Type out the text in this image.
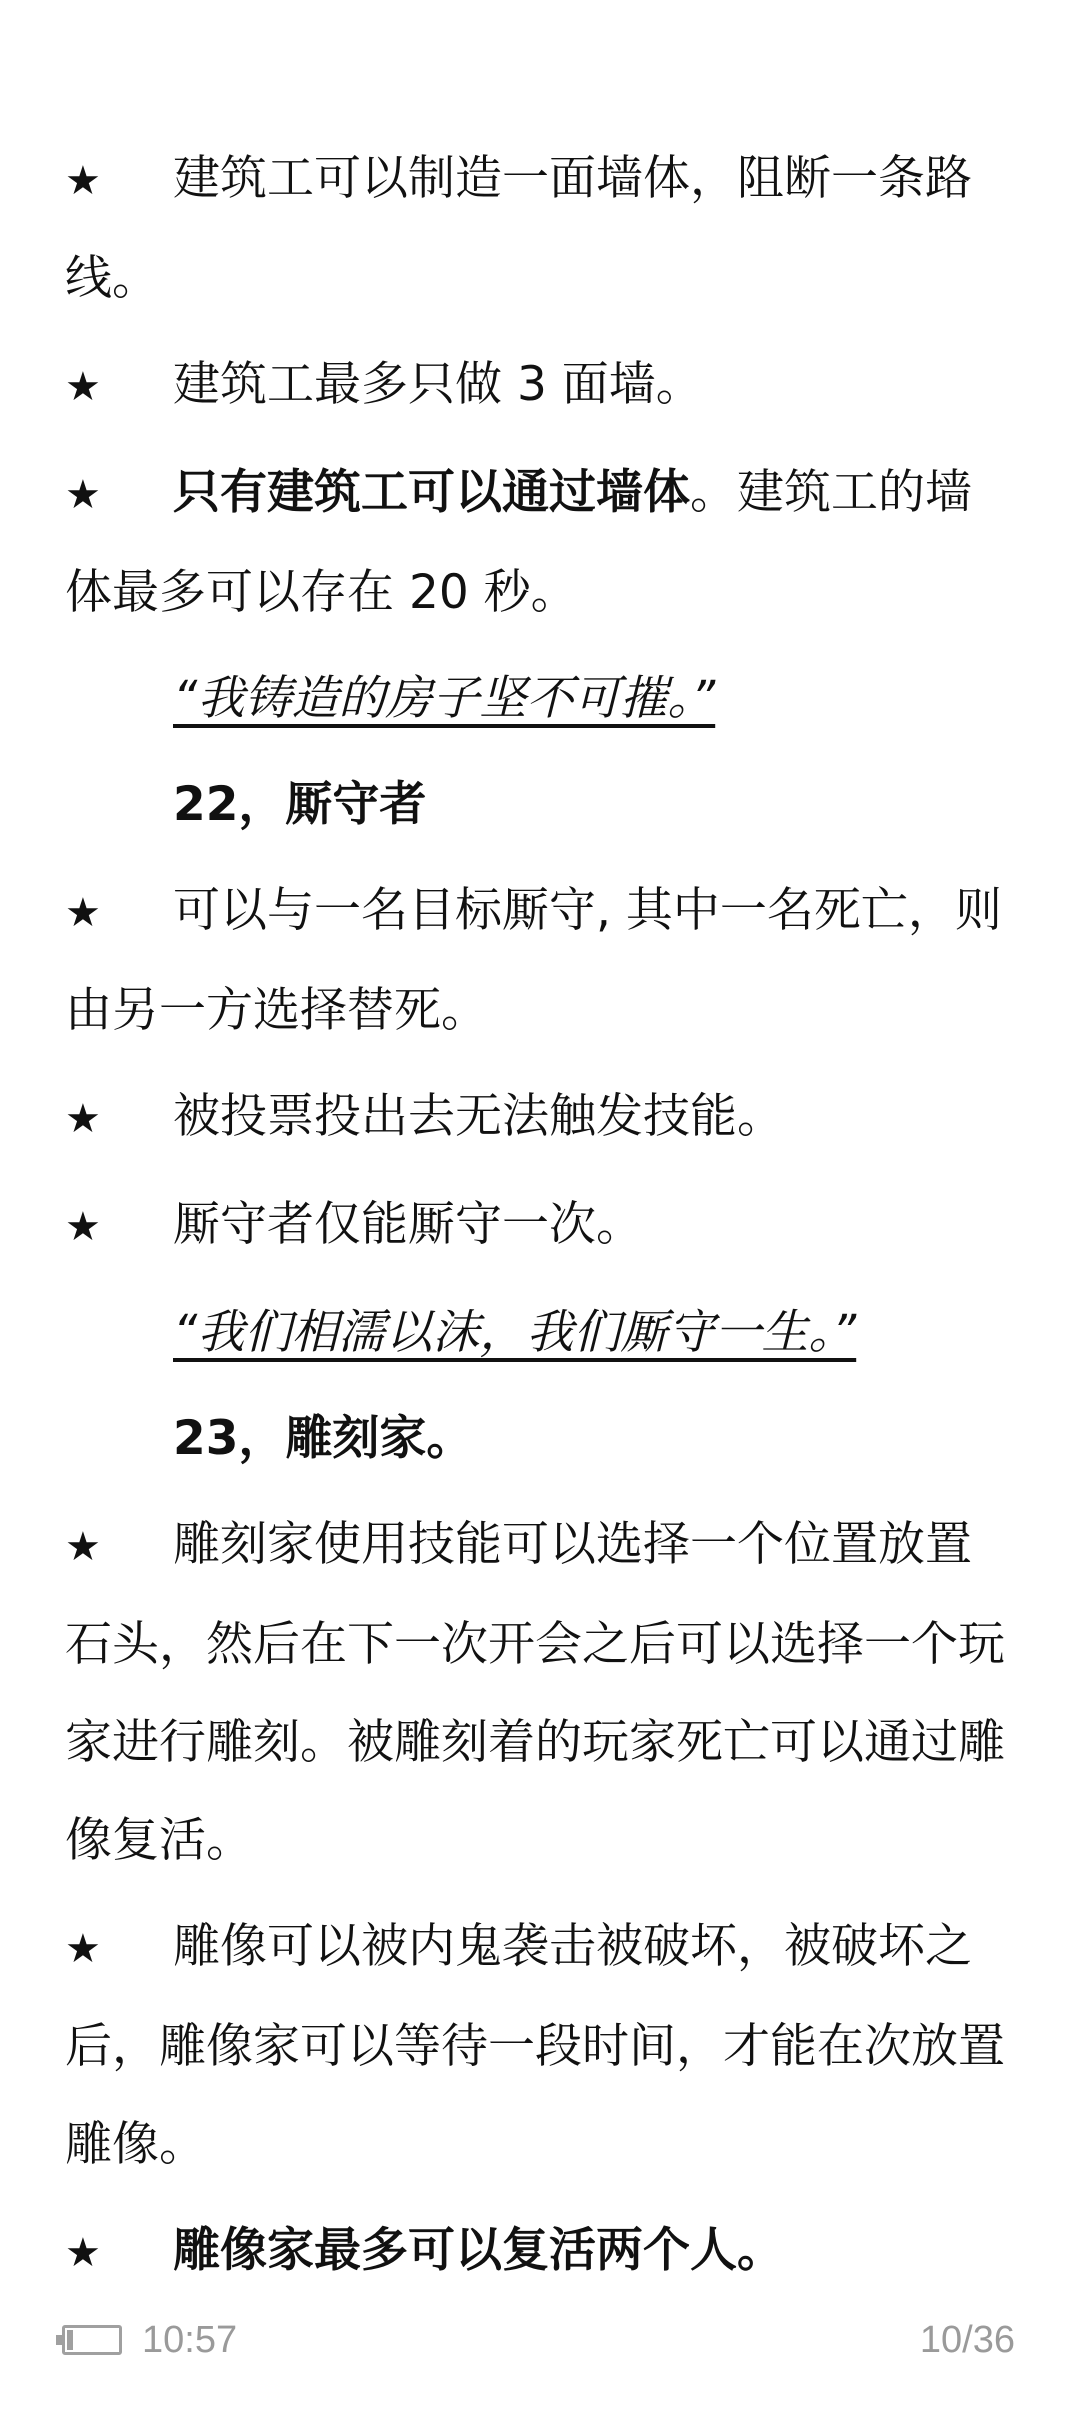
★ 建筑工可以制造一面墙体，阻断一条路线。

★ 建筑工最多只做 3 面墙。

★ 只有建筑工可以通过墙体。建筑工的墙体最多可以存在 20 秒。

“我铸造的房子坚不可摧。”

22，厮守者

★ 可以与一名目标厮守, 其中一名死亡，则由另一方选择替死。

★ 被投票投出去无法触发技能。

★ 厮守者仅能厮守一次。

“我们相濡以沫，我们厮守一生。”

23，雕刻家。

★ 雕刻家使用技能可以选择一个位置放置石头，然后在下一次开会之后可以选择一个玩家进行雕刻。被雕刻着的玩家死亡可以通过雕像复活。

★ 雕像可以被内鬼袭击被破坏，被破坏之后，雕像家可以等待一段时间，才能在次放置雕像。

★ 雕像家最多可以复活两个人。

10:57	10/36
